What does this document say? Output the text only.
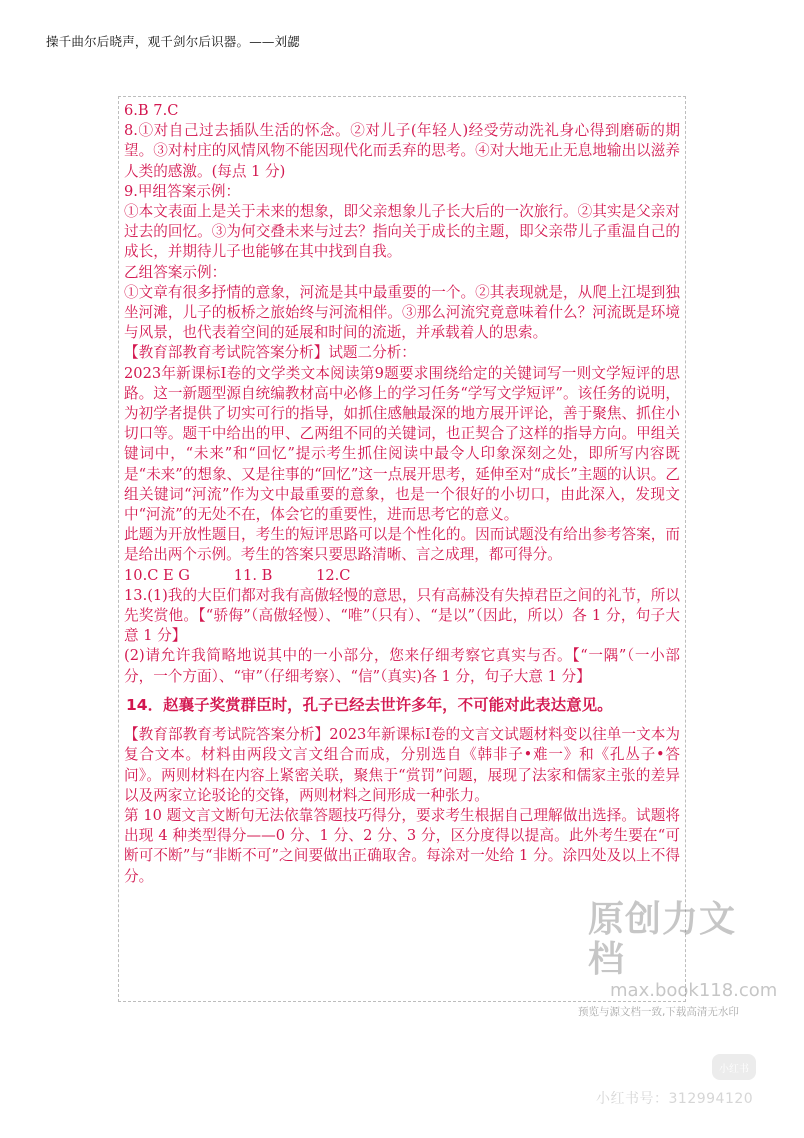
操千曲尔后晓声，观千剑尔后识器。——刘勰

6.B 7.C

8.①对自己过去插队生活的怀念。②对儿子(年轻人)经受劳动洗礼身心得到磨砺的期望。③对村庄的风情风物不能因现代化而丢弃的思考。④对大地无止无息地输出以滋养人类的感激。(每点 1 分)

9.甲组答案示例：

①本文表面上是关于未来的想象，即父亲想象儿子长大后的一次旅行。②其实是父亲对过去的回忆。③为何交叠未来与过去？指向关于成长的主题，即父亲带儿子重温自己的成长，并期待儿子也能够在其中找到自我。

乙组答案示例：

①文章有很多抒情的意象，河流是其中最重要的一个。②其表现就是，从爬上江堤到独坐河滩，儿子的板桥之旅始终与河流相伴。③那么河流究竟意味着什么？河流既是环境与风景，也代表着空间的延展和时间的流逝，并承载着人的思索。

【教育部教育考试院答案分析】试题二分析：

2023年新课标Ⅰ卷的文学类文本阅读第9题要求围绕给定的关键词写一则文学短评的思路。这一新题型源自统编教材高中必修上的学习任务“学写文学短评”。该任务的说明，为初学者提供了切实可行的指导，如抓住感触最深的地方展开评论，善于聚焦、抓住小切口等。题干中给出的甲、乙两组不同的关键词，也正契合了这样的指导方向。甲组关键词中，“未来”和“回忆”提示考生抓住阅读中最令人印象深刻之处，即所写内容既是“未来”的想象、又是往事的“回忆”这一点展开思考，延伸至对“成长”主题的认识。乙组关键词“河流”作为文中最重要的意象，也是一个很好的小切口，由此深入，发现文中“河流”的无处不在，体会它的重要性，进而思考它的意义。

此题为开放性题目，考生的短评思路可以是个性化的。因而试题没有给出参考答案，而是给出两个示例。考生的答案只要思路清晰、言之成理，都可得分。

10.C E G　　　11. B　　　12.C

13.(1)我的大臣们都对我有高傲轻慢的意思，只有高赫没有失掉君臣之间的礼节，所以先奖赏他。【“骄侮”（高傲轻慢）、“唯”（只有）、“是以”（因此，所以）各 1 分，句子大意 1 分】

(2)请允许我简略地说其中的一小部分，您来仔细考察它真实与否。【“一隅”（一小部分，一个方面）、“审”（仔细考察）、“信”（真实)各 1 分，句子大意 1 分】

14．赵襄子奖赏群臣时，孔子已经去世许多年，不可能对此表达意见。

【教育部教育考试院答案分析】2023年新课标Ⅰ卷的文言文试题材料变以往单一文本为复合文本。材料由两段文言文组合而成，分别选自《韩非子•难一》和《孔丛子•答问》。两则材料在内容上紧密关联，聚焦于“赏罚”问题，展现了法家和儒家主张的差异以及两家立论驳论的交锋，两则材料之间形成一种张力。

第 10 题文言文断句无法依靠答题技巧得分，要求考生根据自己理解做出选择。试题将出现 4 种类型得分——0 分、1 分、2 分、3 分，区分度得以提高。此外考生要在“可断可不断”与“非断不可”之间要做出正确取舍。每涂对一处给 1 分。涂四处及以上不得分。

原创力文档
max.book118.com
预览与源文档一致,下载高清无水印
小红书
小红书号：3129941​20
